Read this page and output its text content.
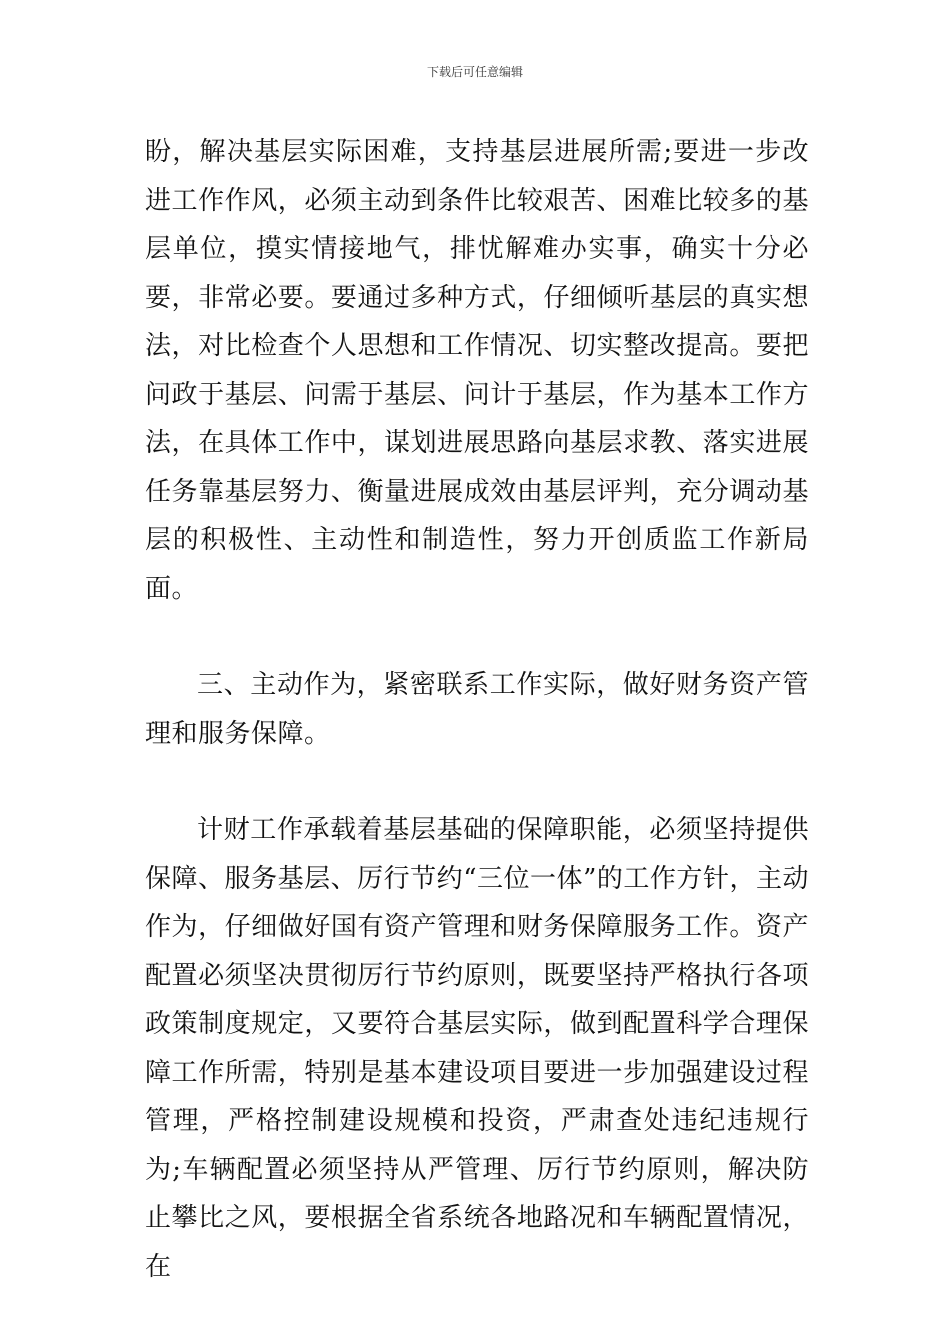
下载后可任意编辑

盼，解决基层实际困难，支持基层进展所需;要进一步改进工作作风，必须主动到条件比较艰苦、困难比较多的基层单位，摸实情接地气，排忧解难办实事，确实十分必要，非常必要。要通过多种方式，仔细倾听基层的真实想法，对比检查个人思想和工作情况、切实整改提高。要把问政于基层、问需于基层、问计于基层，作为基本工作方法，在具体工作中，谋划进展思路向基层求教、落实进展任务靠基层努力、衡量进展成效由基层评判，充分调动基层的积极性、主动性和制造性，努力开创质监工作新局面。

三、主动作为，紧密联系工作实际，做好财务资产管理和服务保障。

计财工作承载着基层基础的保障职能，必须坚持提供保障、服务基层、厉行节约“三位一体”的工作方针，主动作为，仔细做好国有资产管理和财务保障服务工作。资产配置必须坚决贯彻厉行节约原则，既要坚持严格执行各项政策制度规定，又要符合基层实际，做到配置科学合理保障工作所需，特别是基本建设项目要进一步加强建设过程管理，严格控制建设规模和投资，严肃查处违纪违规行为;车辆配置必须坚持从严管理、厉行节约原则，解决防止攀比之风，要根据全省系统各地路况和车辆配置情况，在
